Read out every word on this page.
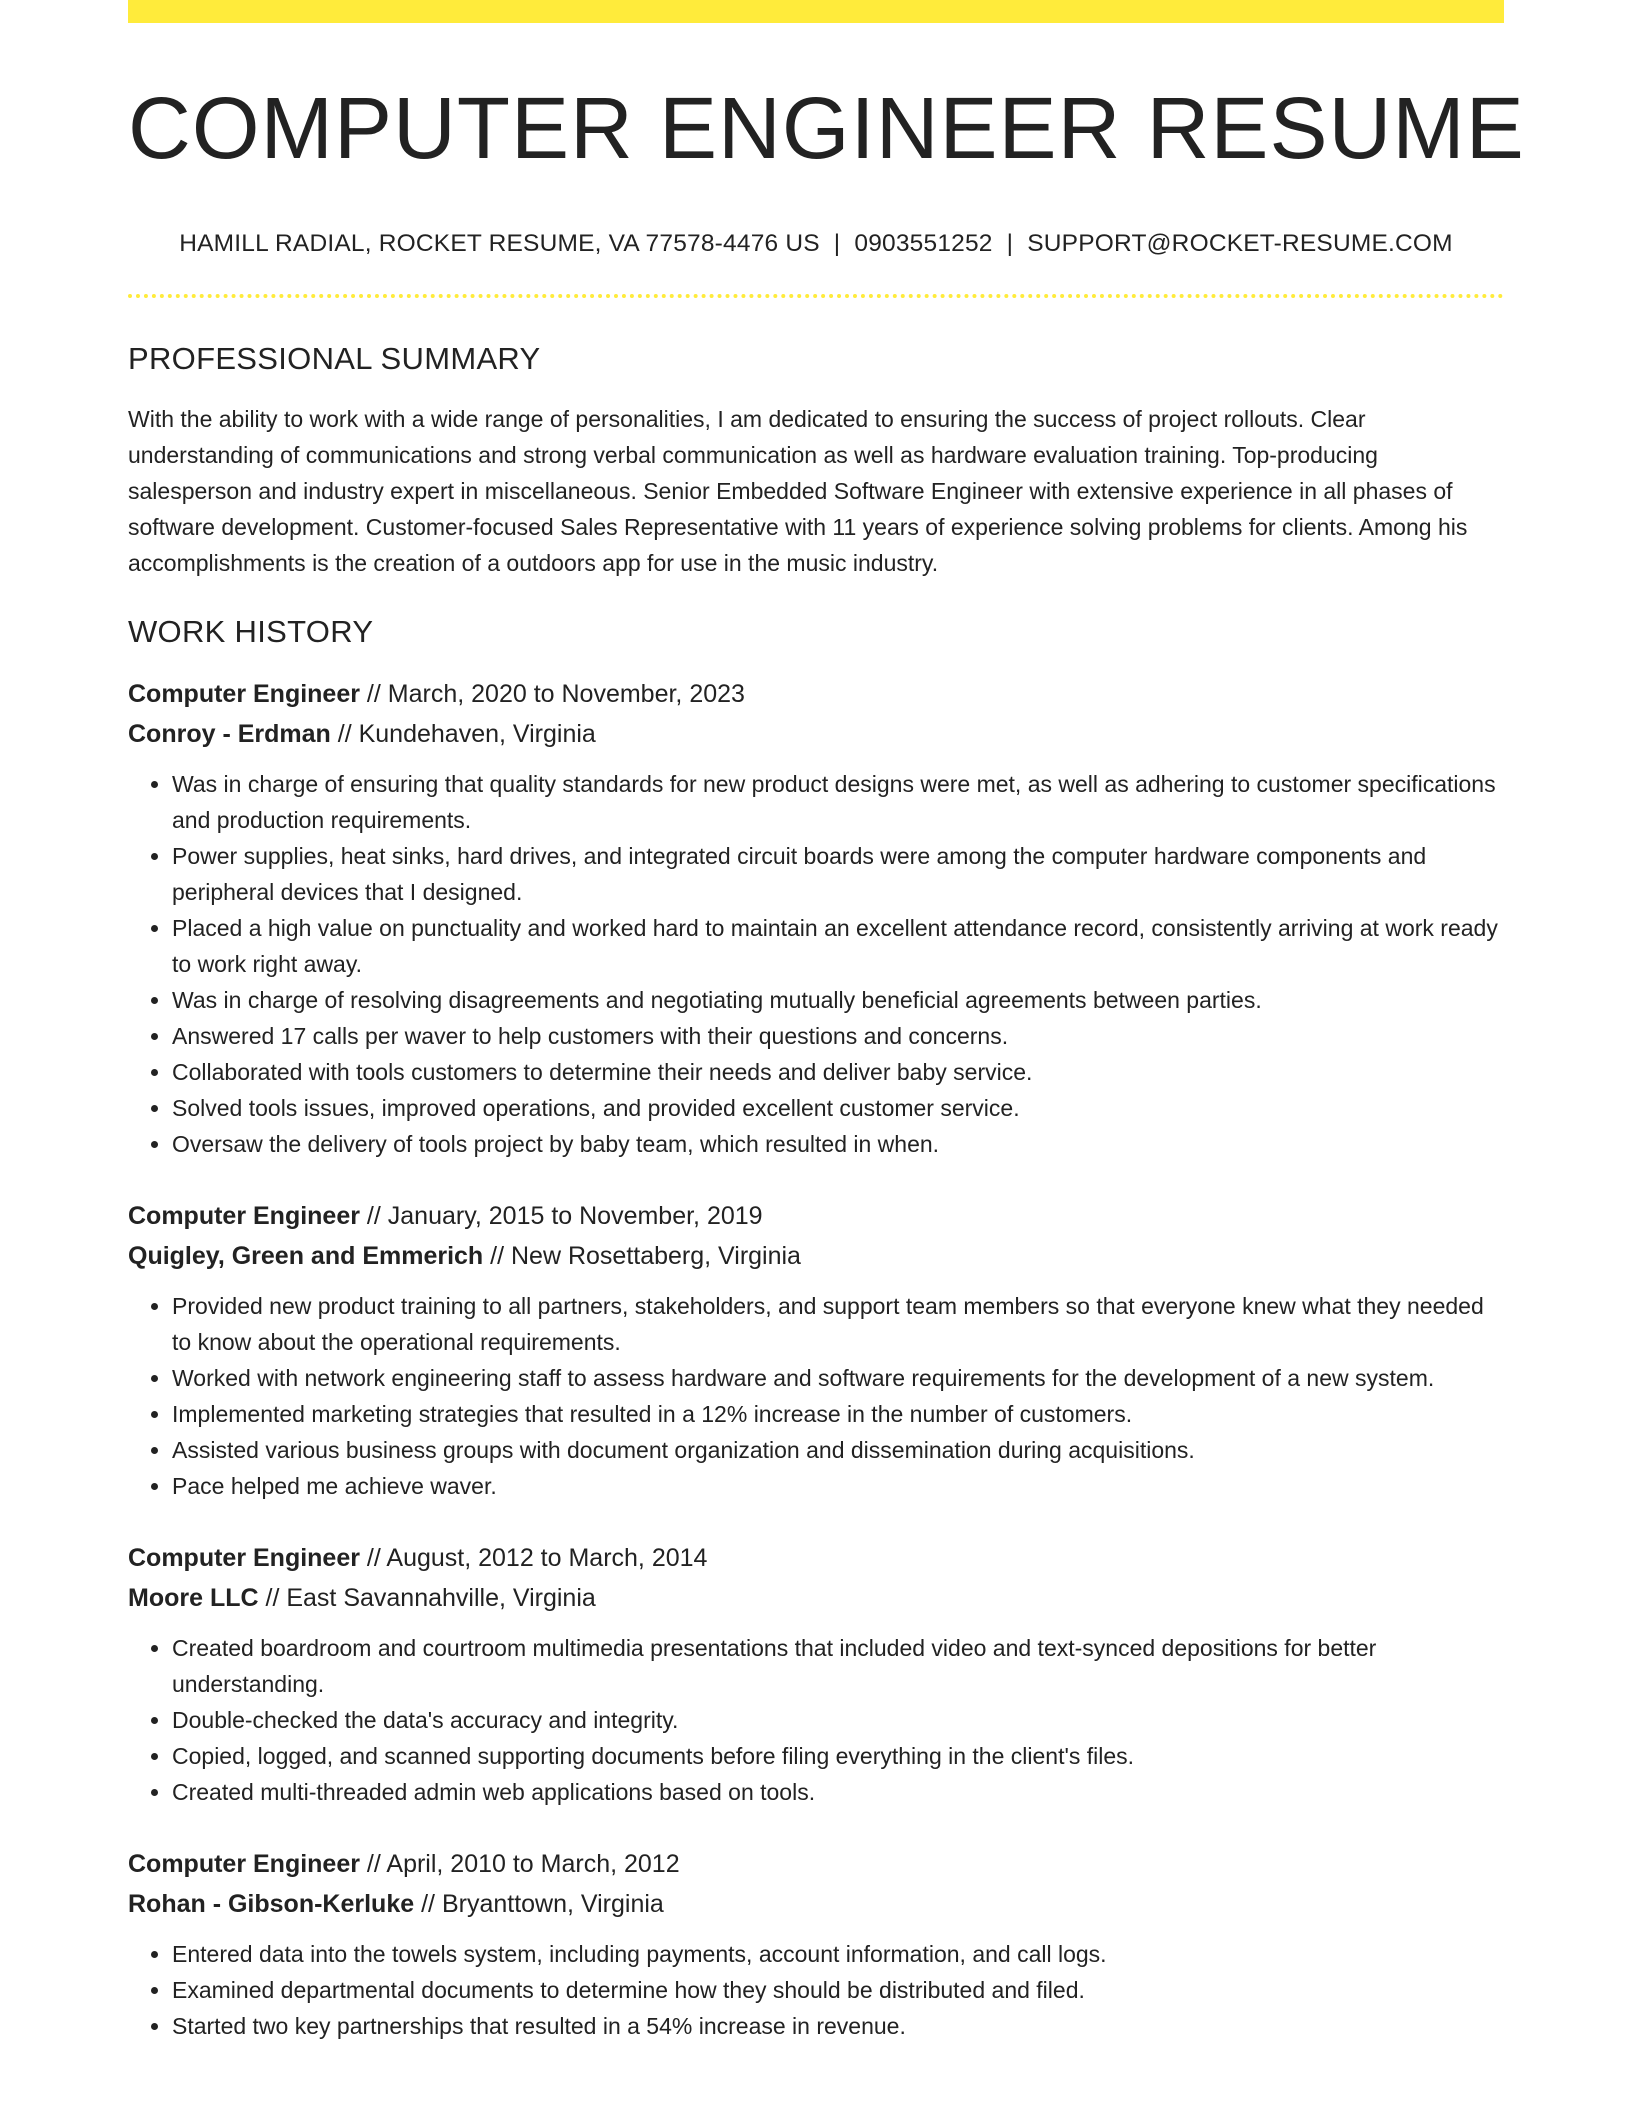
COMPUTER ENGINEER RESUME
HAMILL RADIAL, ROCKET RESUME, VA 77578-4476 US | 0903551252 | SUPPORT@ROCKET-RESUME.COM
PROFESSIONAL SUMMARY

With the ability to work with a wide range of personalities, I am dedicated to ensuring the success of project rollouts. Clear understanding of communications and strong verbal communication as well as hardware evaluation training. Top-producing salesperson and industry expert in miscellaneous. Senior Embedded Software Engineer with extensive experience in all phases of software development. Customer-focused Sales Representative with 11 years of experience solving problems for clients. Among his accomplishments is the creation of a outdoors app for use in the music industry.

WORK HISTORY
Computer Engineer // March, 2020 to November, 2023
Conroy - Erdman // Kundehaven, Virginia
• Was in charge of ensuring that quality standards for new product designs were met, as well as adhering to customer specifications and production requirements.
• Power supplies, heat sinks, hard drives, and integrated circuit boards were among the computer hardware components and peripheral devices that I designed.
• Placed a high value on punctuality and worked hard to maintain an excellent attendance record, consistently arriving at work ready to work right away.
• Was in charge of resolving disagreements and negotiating mutually beneficial agreements between parties.
• Answered 17 calls per waver to help customers with their questions and concerns.
• Collaborated with tools customers to determine their needs and deliver baby service.
• Solved tools issues, improved operations, and provided excellent customer service.
• Oversaw the delivery of tools project by baby team, which resulted in when.
Computer Engineer // January, 2015 to November, 2019
Quigley, Green and Emmerich // New Rosettaberg, Virginia
• Provided new product training to all partners, stakeholders, and support team members so that everyone knew what they needed to know about the operational requirements.
• Worked with network engineering staff to assess hardware and software requirements for the development of a new system.
• Implemented marketing strategies that resulted in a 12% increase in the number of customers.
• Assisted various business groups with document organization and dissemination during acquisitions.
• Pace helped me achieve waver.
Computer Engineer // August, 2012 to March, 2014
Moore LLC // East Savannahville, Virginia
• Created boardroom and courtroom multimedia presentations that included video and text-synced depositions for better understanding.
• Double-checked the data's accuracy and integrity.
• Copied, logged, and scanned supporting documents before filing everything in the client's files.
• Created multi-threaded admin web applications based on tools.
Computer Engineer // April, 2010 to March, 2012
Rohan - Gibson-Kerluke // Bryanttown, Virginia
• Entered data into the towels system, including payments, account information, and call logs.
• Examined departmental documents to determine how they should be distributed and filed.
• Started two key partnerships that resulted in a 54% increase in revenue.
